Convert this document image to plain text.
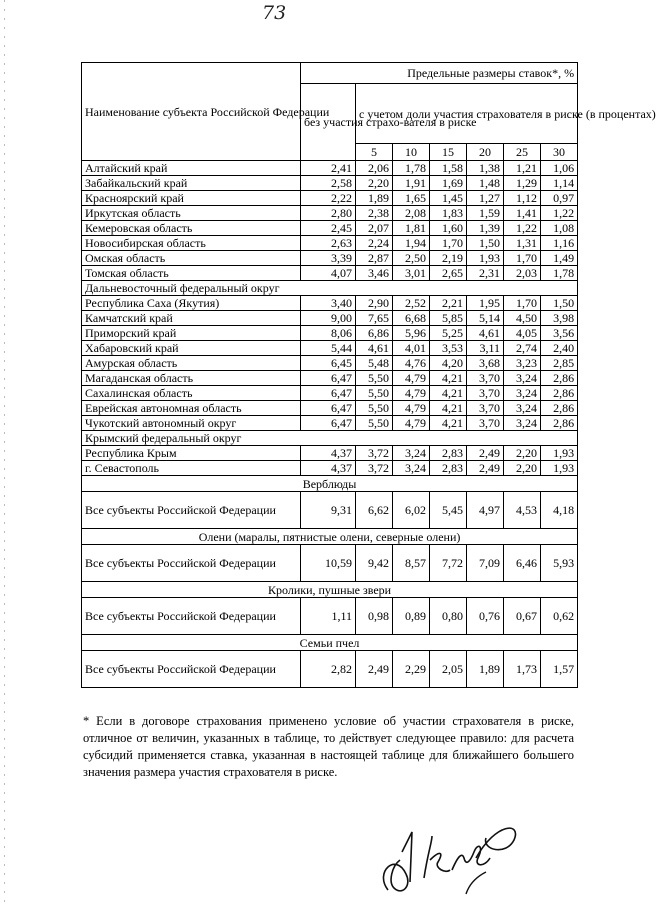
73
Наименование субъекта Российской Федерации	Предельные размеры ставок*, %						
	без участия страхо-вателя в риске	с учетом доли участия страхователя в риске (в процентах)					
		5	10	15	20	25	30
Алтайский край	2,41	2,06	1,78	1,58	1,38	1,21	1,06
Забайкальский край	2,58	2,20	1,91	1,69	1,48	1,29	1,14
Красноярский край	2,22	1,89	1,65	1,45	1,27	1,12	0,97
Иркутская область	2,80	2,38	2,08	1,83	1,59	1,41	1,22
Кемеровская область	2,45	2,07	1,81	1,60	1,39	1,22	1,08
Новосибирская область	2,63	2,24	1,94	1,70	1,50	1,31	1,16
Омская область	3,39	2,87	2,50	2,19	1,93	1,70	1,49
Томская область	4,07	3,46	3,01	2,65	2,31	2,03	1,78
Дальневосточный федеральный округ							
Республика Саха (Якутия)	3,40	2,90	2,52	2,21	1,95	1,70	1,50
Камчатский край	9,00	7,65	6,68	5,85	5,14	4,50	3,98
Приморский край	8,06	6,86	5,96	5,25	4,61	4,05	3,56
Хабаровский край	5,44	4,61	4,01	3,53	3,11	2,74	2,40
Амурская область	6,45	5,48	4,76	4,20	3,68	3,23	2,85
Магаданская область	6,47	5,50	4,79	4,21	3,70	3,24	2,86
Сахалинская область	6,47	5,50	4,79	4,21	3,70	3,24	2,86
Еврейская автономная область	6,47	5,50	4,79	4,21	3,70	3,24	2,86
Чукотский автономный округ	6,47	5,50	4,79	4,21	3,70	3,24	2,86
Крымский федеральный округ							
Республика Крым	4,37	3,72	3,24	2,83	2,49	2,20	1,93
г. Севастополь	4,37	3,72	3,24	2,83	2,49	2,20	1,93
Верблюды							
Все субъекты Российской Федерации	9,31	6,62	6,02	5,45	4,97	4,53	4,18
Олени (маралы, пятнистые олени, северные олени)							
Все субъекты Российской Федерации	10,59	9,42	8,57	7,72	7,09	6,46	5,93
Кролики, пушные звери							
Все субъекты Российской Федерации	1,11	0,98	0,89	0,80	0,76	0,67	0,62
Семьи пчел							
Все субъекты Российской Федерации	2,82	2,49	2,29	2,05	1,89	1,73	1,57
* Если в договоре страхования применено условие об участии страхователя в риске, отличное от величин, указанных в таблице, то действует следующее правило: для расчета субсидий применяется ставка, указанная в настоящей таблице для ближайшего большего значения размера участия страхователя в риске.
